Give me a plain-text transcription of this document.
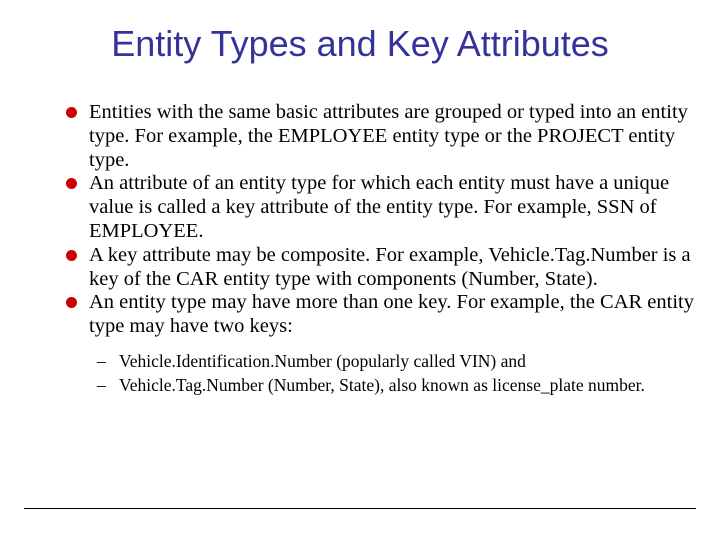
Entity Types and Key Attributes
Entities with the same basic attributes are grouped or typed into an entity type. For example, the EMPLOYEE entity type or the PROJECT entity type.
An attribute of an entity type for which each entity must have a unique value is called a key attribute of the entity type. For example, SSN of EMPLOYEE.
A key attribute may be composite. For example, Vehicle.Tag.Number is a key of the CAR entity type with components (Number, State).
An entity type may have more than one key. For example, the CAR entity type may have two keys:
– Vehicle.Identification.Number (popularly called VIN) and
– Vehicle.Tag.Number (Number, State), also known as license_plate number.
